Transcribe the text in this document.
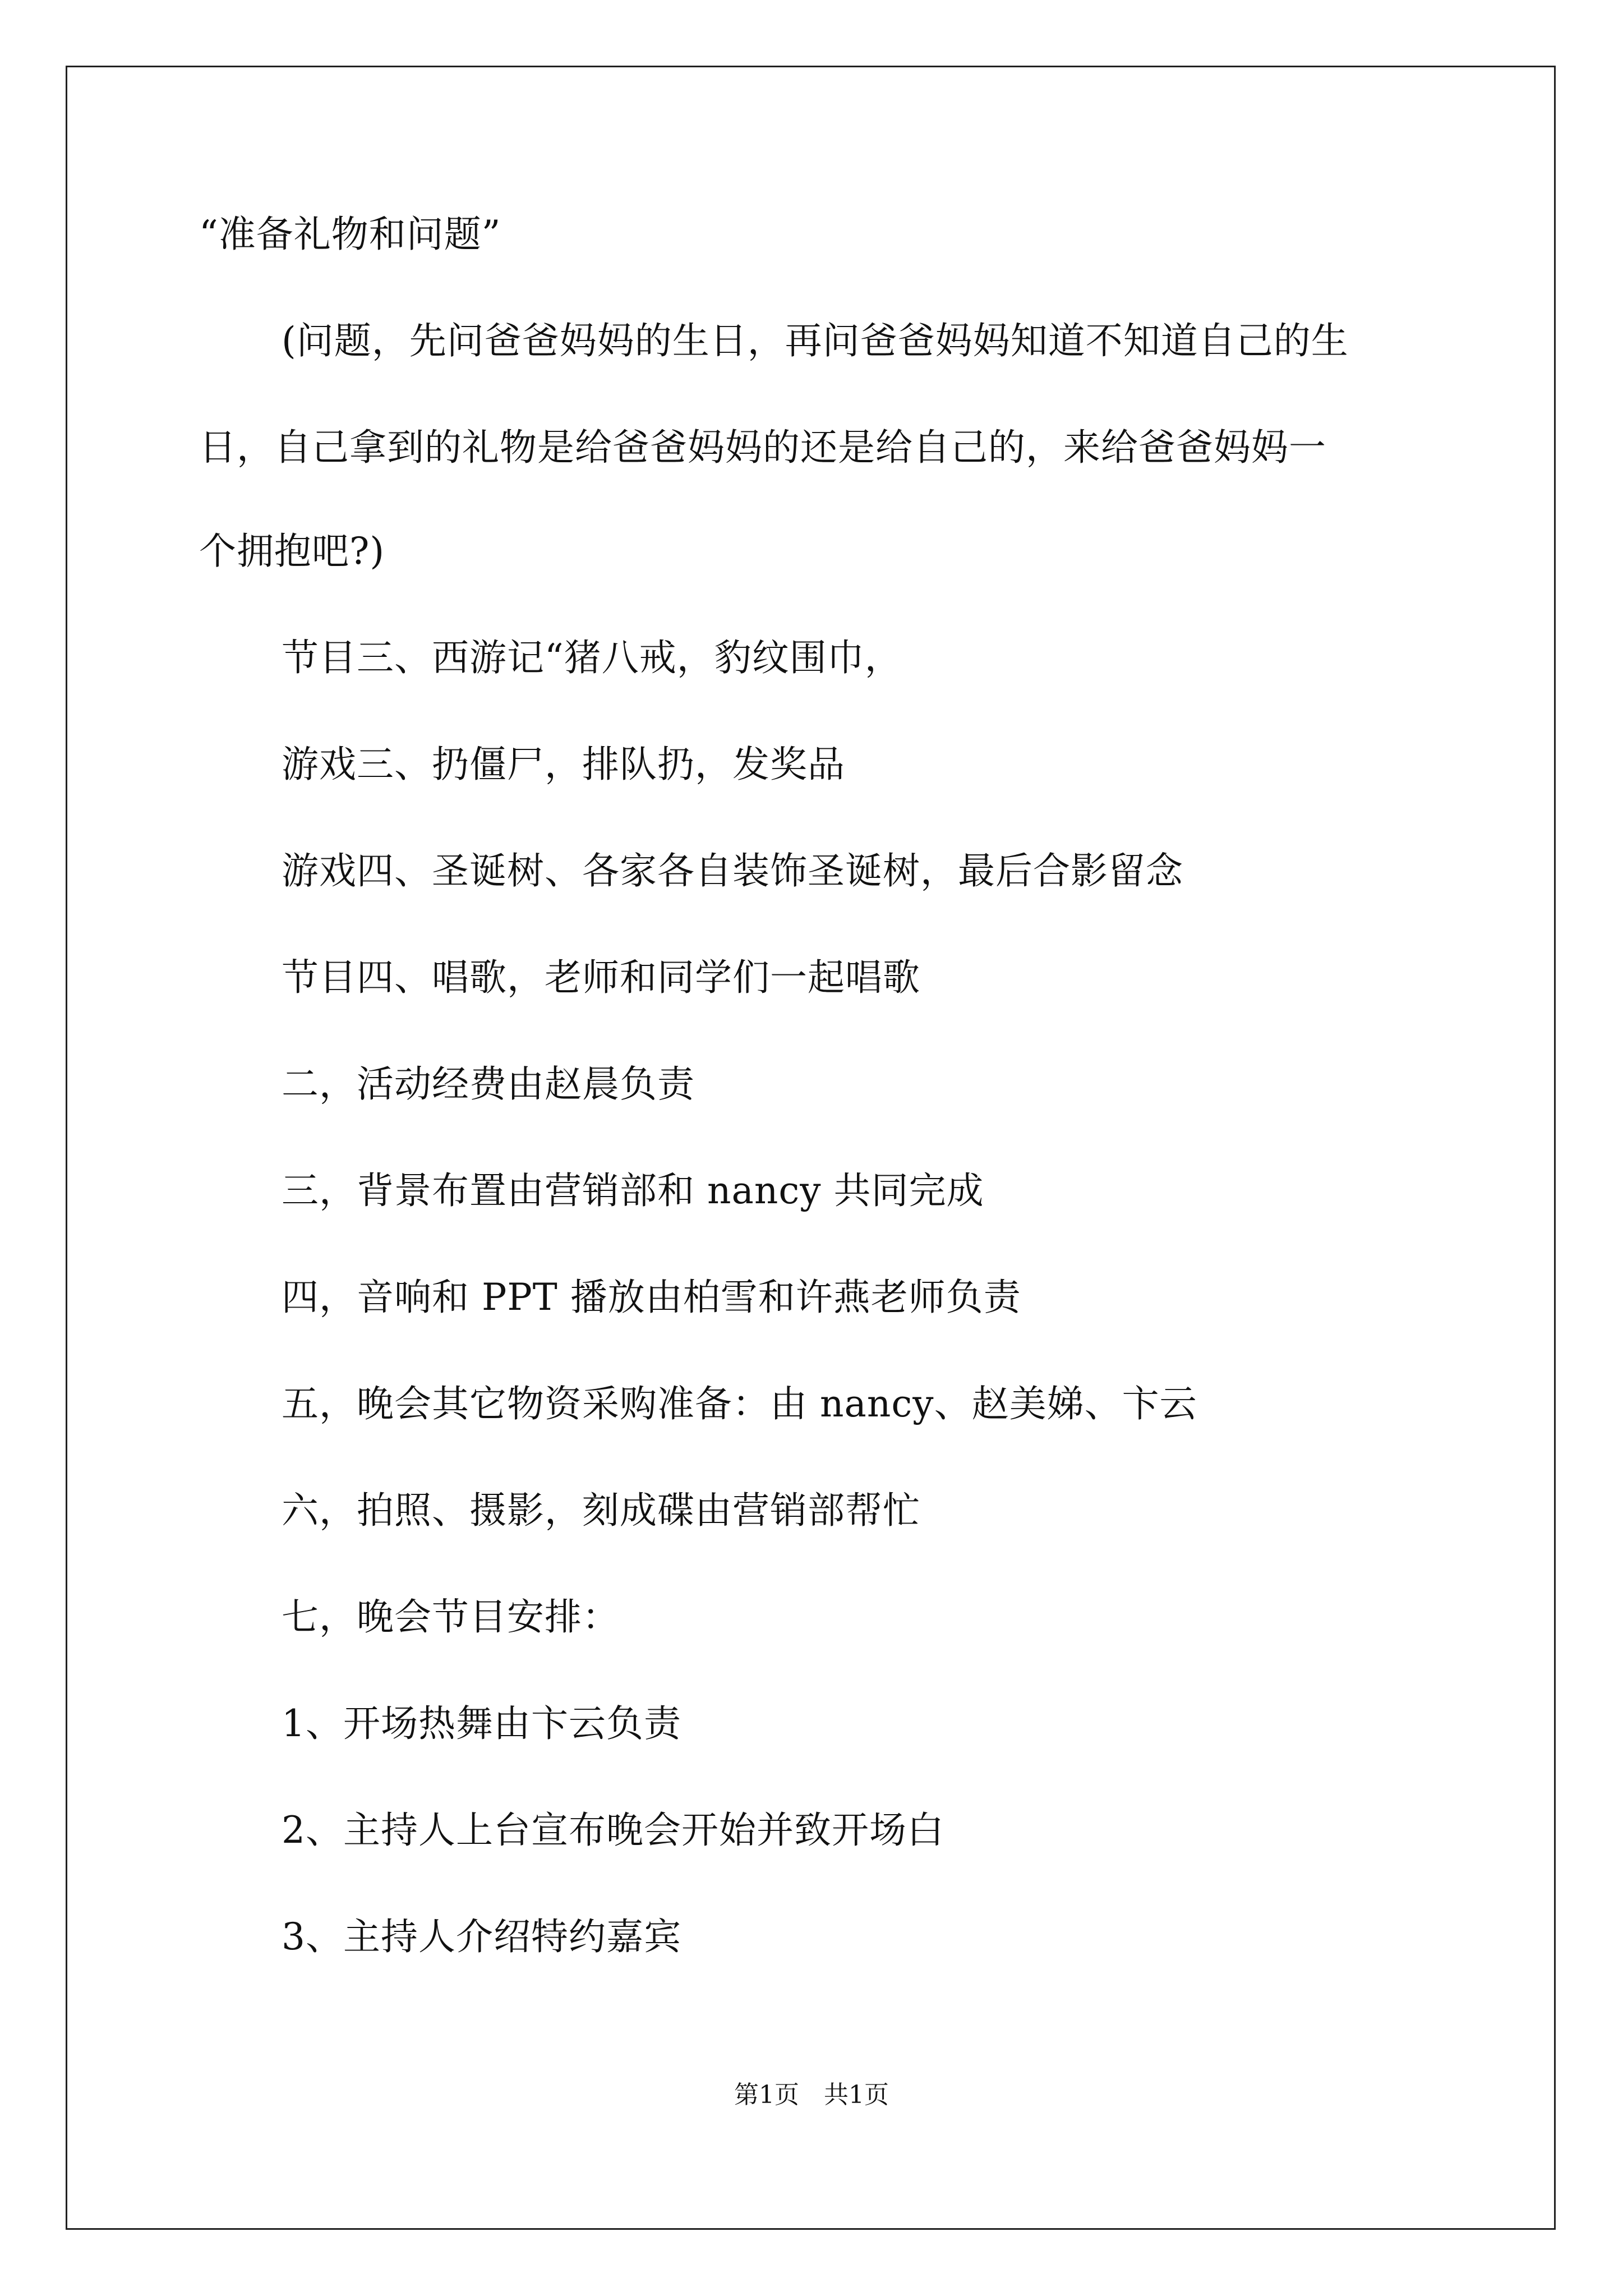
“准备礼物和问题”
(问题，先问爸爸妈妈的生日，再问爸爸妈妈知道不知道自己的生
日，自己拿到的礼物是给爸爸妈妈的还是给自己的，来给爸爸妈妈一
个拥抱吧?)
节目三、西游记“猪八戒，豹纹围巾，
游戏三、扔僵尸，排队扔，发奖品
游戏四、圣诞树、各家各自装饰圣诞树，最后合影留念
节目四、唱歌，老师和同学们一起唱歌
二，活动经费由赵晨负责
三，背景布置由营销部和 nancy 共同完成
四，音响和 PPT 播放由柏雪和许燕老师负责
五，晚会其它物资采购准备：由 nancy、赵美娣、卞云
六，拍照、摄影，刻成碟由营销部帮忙
七，晚会节目安排：
1、开场热舞由卞云负责
2、主持人上台宣布晚会开始并致开场白
3、主持人介绍特约嘉宾
第1页　共1页
